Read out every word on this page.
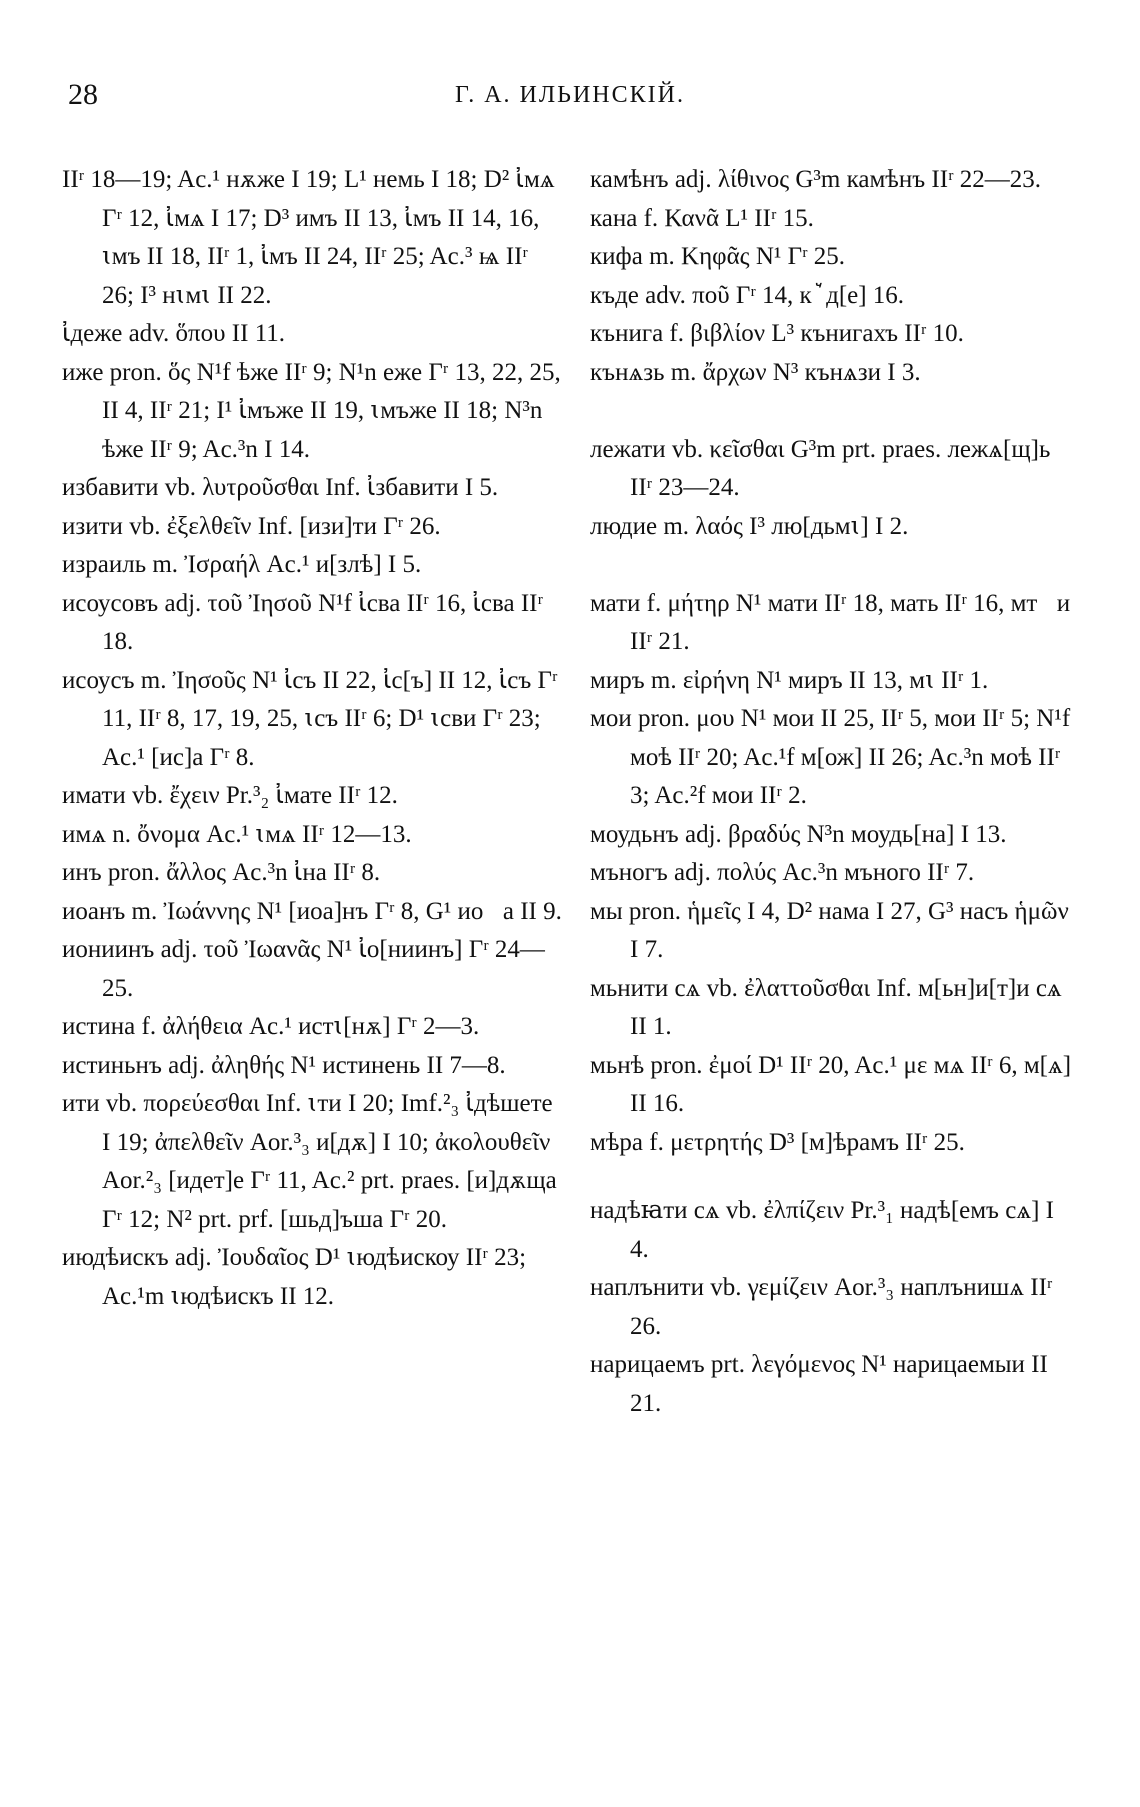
28	Г. А. ИЛЬИНСКІЙ.

IIʳ 18—19; Ac.¹ нѫже I 19; L¹ немь I 18; D² ꙇ҆мѧ Гʳ 12, ꙇ҆мѧ I 17; D³ имъ II 13, ꙇ҆мъ II 14, 16, ꙇмъ II 18, IIʳ 1, ꙇ҆мъ II 24, IIʳ 25; Ac.³ ѩ IIʳ 26; I³ нꙇмꙇ II 22.

ꙇ҆деже adv. ὅπου II 11.

иже pron. ὅς N¹f ѣже IIʳ 9; N¹n еже Гʳ 13, 22, 25, II 4, IIʳ 21; I¹ ꙇ҆мъже II 19, ꙇмъже II 18; N³n ѣже IIʳ 9; Ac.³n I 14.

избавити vb. λυτροῦσθαι Inf. ꙇ҆збавити I 5.

изити vb. ἐξελθεῖν Inf. [изи]ти Гʳ 26.

израиль m. Ἰσραήλ Ac.¹ и[злѣ] I 5.

исоусовъ adj. τοῦ Ἰησοῦ N¹f ꙇ҆сва IIʳ 16, ꙇ҆сва IIʳ 18.

исоусъ m. Ἰησοῦς N¹ ꙇ҆съ II 22, ꙇ҆с[ъ] II 12, ꙇ҆съ Гʳ 11, IIʳ 8, 17, 19, 25, ꙇсъ IIʳ 6; D¹ ꙇсви Гʳ 23; Ac.¹ [ис]а Гʳ 8.

имати vb. ἔχειν Pr.³₂ ꙇ҆мате IIʳ 12.

имѧ n. ὄνομα Ac.¹ ꙇмѧ IIʳ 12—13.

инъ pron. ἄλλος Ac.³n ꙇ҆на IIʳ 8.

иоанъ m. Ἰωάννης N¹ [иоа]нъ Гʳ 8, G¹ иоⷩа II 9.

иониинъ adj. τοῦ Ἰωανᾶς N¹ ꙇ҆о[ниинъ] Гʳ 24—25.

истина f. ἀλήθεια Ac.¹ истꙇ[нѫ] Гʳ 2—3.

истиньнъ adj. ἀληθής N¹ истинень II 7—8.

ити vb. πορεύεσθαι Inf. ꙇти I 20; Imf.²₃ ꙇ҆дѣшете I 19; ἀπελθεῖν Aor.³₃ и[дѫ] I 10; ἀκολουθεῖν Aor.²₃ [идет]е Гʳ 11, Ac.² prt. praes. [и]дѫща Гʳ 12; N² prt. prf. [шьд]ъша Гʳ 20.

июдѣискъ adj. Ἰουδαῖος D¹ ꙇюдѣискоу IIʳ 23; Ac.¹m ꙇюдѣискъ II 12.

камѣнъ adj. λίθινος G³m камѣнъ IIʳ 22—23.

кана f. Κανᾶ L¹ IIʳ 15.

кифа m. Κηφᾶς N¹ Гʳ 25.

къде adv. ποῦ Гʳ 14, кꙿд[е] 16.

кънига f. βιβλίον L³ кънигахъ IIʳ 10.

кънѧзь m. ἄρχων N³ кънѧзи I 3.

лежати vb. κεῖσθαι G³m prt. praes. лежѧ[щ]ь IIʳ 23—24.

людие m. λαός I³ лю[дьмꙇ] I 2.

мати f. μήτηρ N¹ мати IIʳ 18, мать IIʳ 16, мтⷥи IIʳ 21.

миръ m. εἰρήνη N¹ миръ II 13, мꙇ IIʳ 1.

мои pron. μου N¹ мои II 25, IIʳ 5, мои IIʳ 5; N¹f моѣ IIʳ 20; Ac.¹f м[ож] II 26; Ac.³n моѣ IIʳ 3; Ac.²f мои IIʳ 2.

моудьнъ adj. βραδύς N³n моудь[на] I 13.

мъногъ adj. πολύς Ac.³n мъного IIʳ 7.

мы pron. ἡμεῖς I 4, D² нама I 27, G³ насъ ἡμῶν I 7.

мьнити сѧ vb. ἐλαττοῦσθαι Inf. м[ьн]и[т]и сѧ II 1.

мьнѣ pron. ἐμοί D¹ IIʳ 20, Ac.¹ με мѧ IIʳ 6, м[ѧ] II 16.

мѣра f. μετρητής D³ [м]ѣрамъ IIʳ 25.

надѣꙗти сѧ vb. ἐλπίζειν Pr.³₁ надѣ[емъ сѧ] I 4.

наплънити vb. γεμίζειν Aor.³₃ наплънишѧ IIʳ 26.

нарицаемъ prt. λεγόμενος N¹ нарицаемыи II 21.
